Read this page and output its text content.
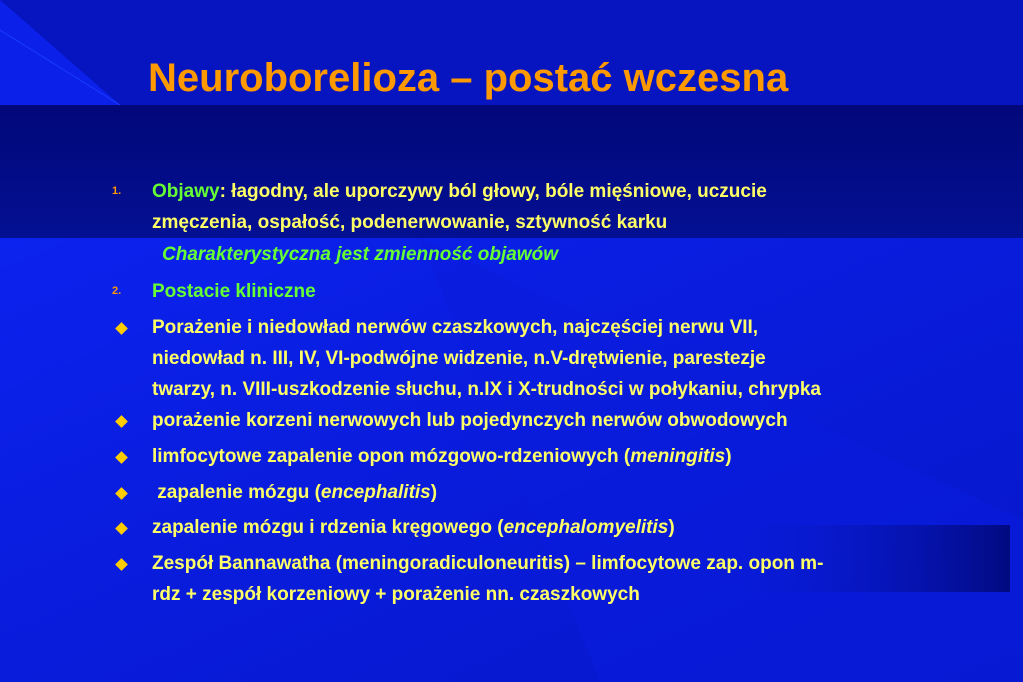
Neuroborelioza – postać wczesna
1.	Objawy: łagodny, ale uporczywy ból głowy, bóle mięśniowe, uczucie
zmęczenia, ospałość, podenerwowanie, sztywność karku
Charakterystyczna jest zmienność objawów
2.	Postacie kliniczne
Porażenie i niedowład nerwów czaszkowych, najczęściej nerwu VII,
niedowład n. III, IV, VI-podwójne widzenie, n.V-drętwienie, parestezje
twarzy, n. VIII-uszkodzenie słuchu, n.IX i X-trudności w połykaniu, chrypka
porażenie korzeni nerwowych lub pojedynczych nerwów obwodowych
limfocytowe zapalenie opon mózgowo-rdzeniowych (meningitis)
zapalenie mózgu (encephalitis)
zapalenie mózgu i rdzenia kręgowego (encephalomyelitis)
Zespół Bannawatha (meningoradiculoneuritis) – limfocytowe zap. opon m-
rdz + zespół korzeniowy + porażenie nn. czaszkowych
